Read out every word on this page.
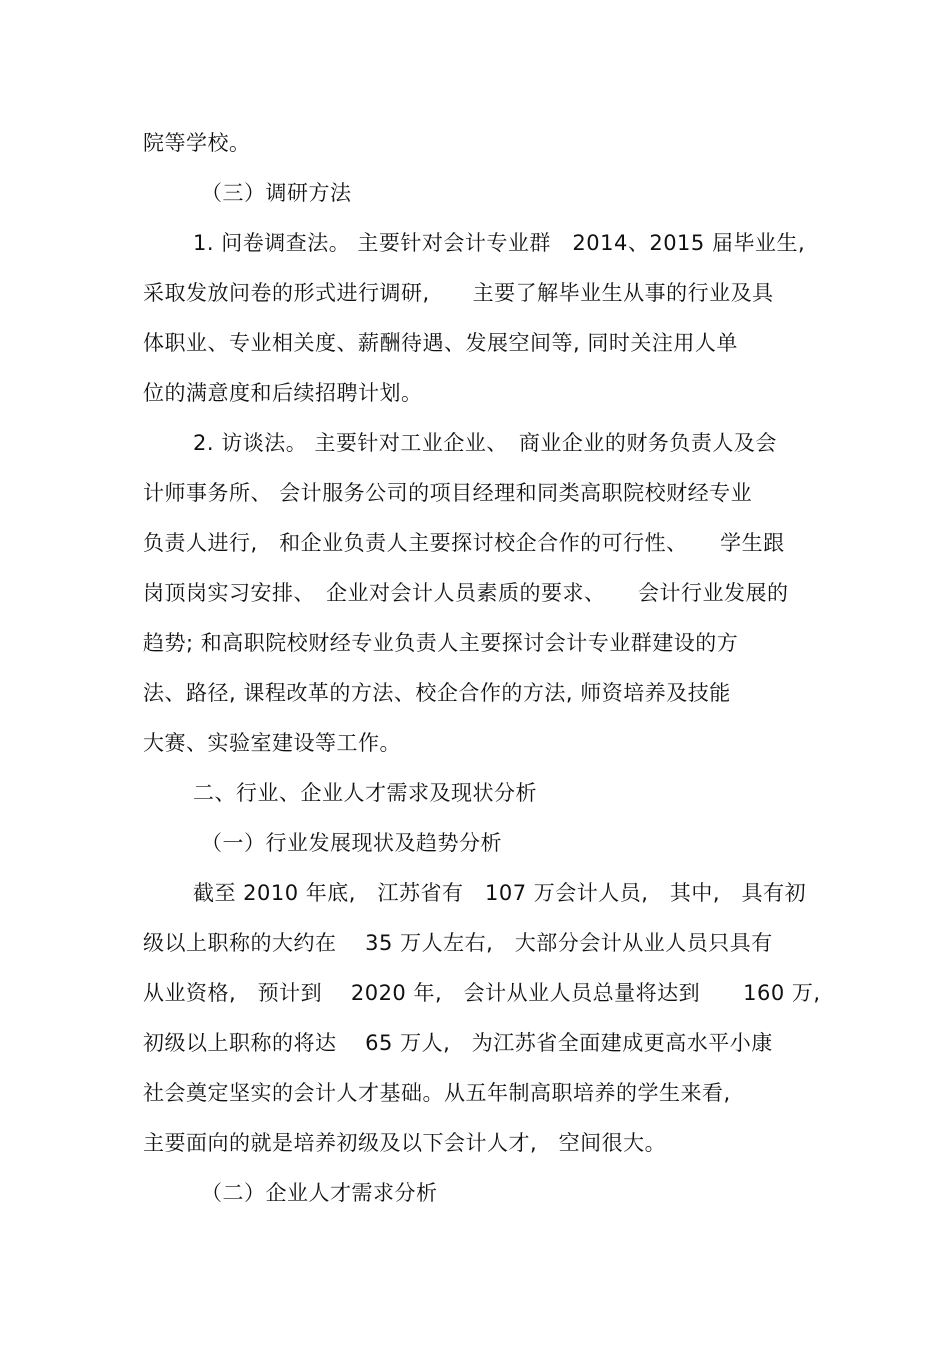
院等学校。
（三）调研方法
1. 问卷调查法。 主要针对会计专业群　2014、2015 届毕业生,
采取发放问卷的形式进行调研,　　主要了解毕业生从事的行业及具
体职业、专业相关度、薪酬待遇、发展空间等, 同时关注用人单
位的满意度和后续招聘计划。
2. 访谈法。 主要针对工业企业、　商业企业的财务负责人及会
计师事务所、 会计服务公司的项目经理和同类高职院校财经专业
负责人进行,　和企业负责人主要探讨校企合作的可行性、　　学生跟
岗顶岗实习安排、　企业对会计人员素质的要求、　　会计行业发展的
趋势; 和高职院校财经专业负责人主要探讨会计专业群建设的方
法、路径, 课程改革的方法、校企合作的方法, 师资培养及技能
大赛、实验室建设等工作。
二、行业、企业人才需求及现状分析
（一）行业发展现状及趋势分析
截至 2010 年底,　江苏省有　107 万会计人员,　其中,　具有初
级以上职称的大约在　 35 万人左右,　大部分会计从业人员只具有
从业资格,　预计到　 2020 年,　会计从业人员总量将达到　　160 万,
初级以上职称的将达　 65 万人,　为江苏省全面建成更高水平小康
社会奠定坚实的会计人才基础。从五年制高职培养的学生来看,
主要面向的就是培养初级及以下会计人才,　空间很大。
（二）企业人才需求分析
